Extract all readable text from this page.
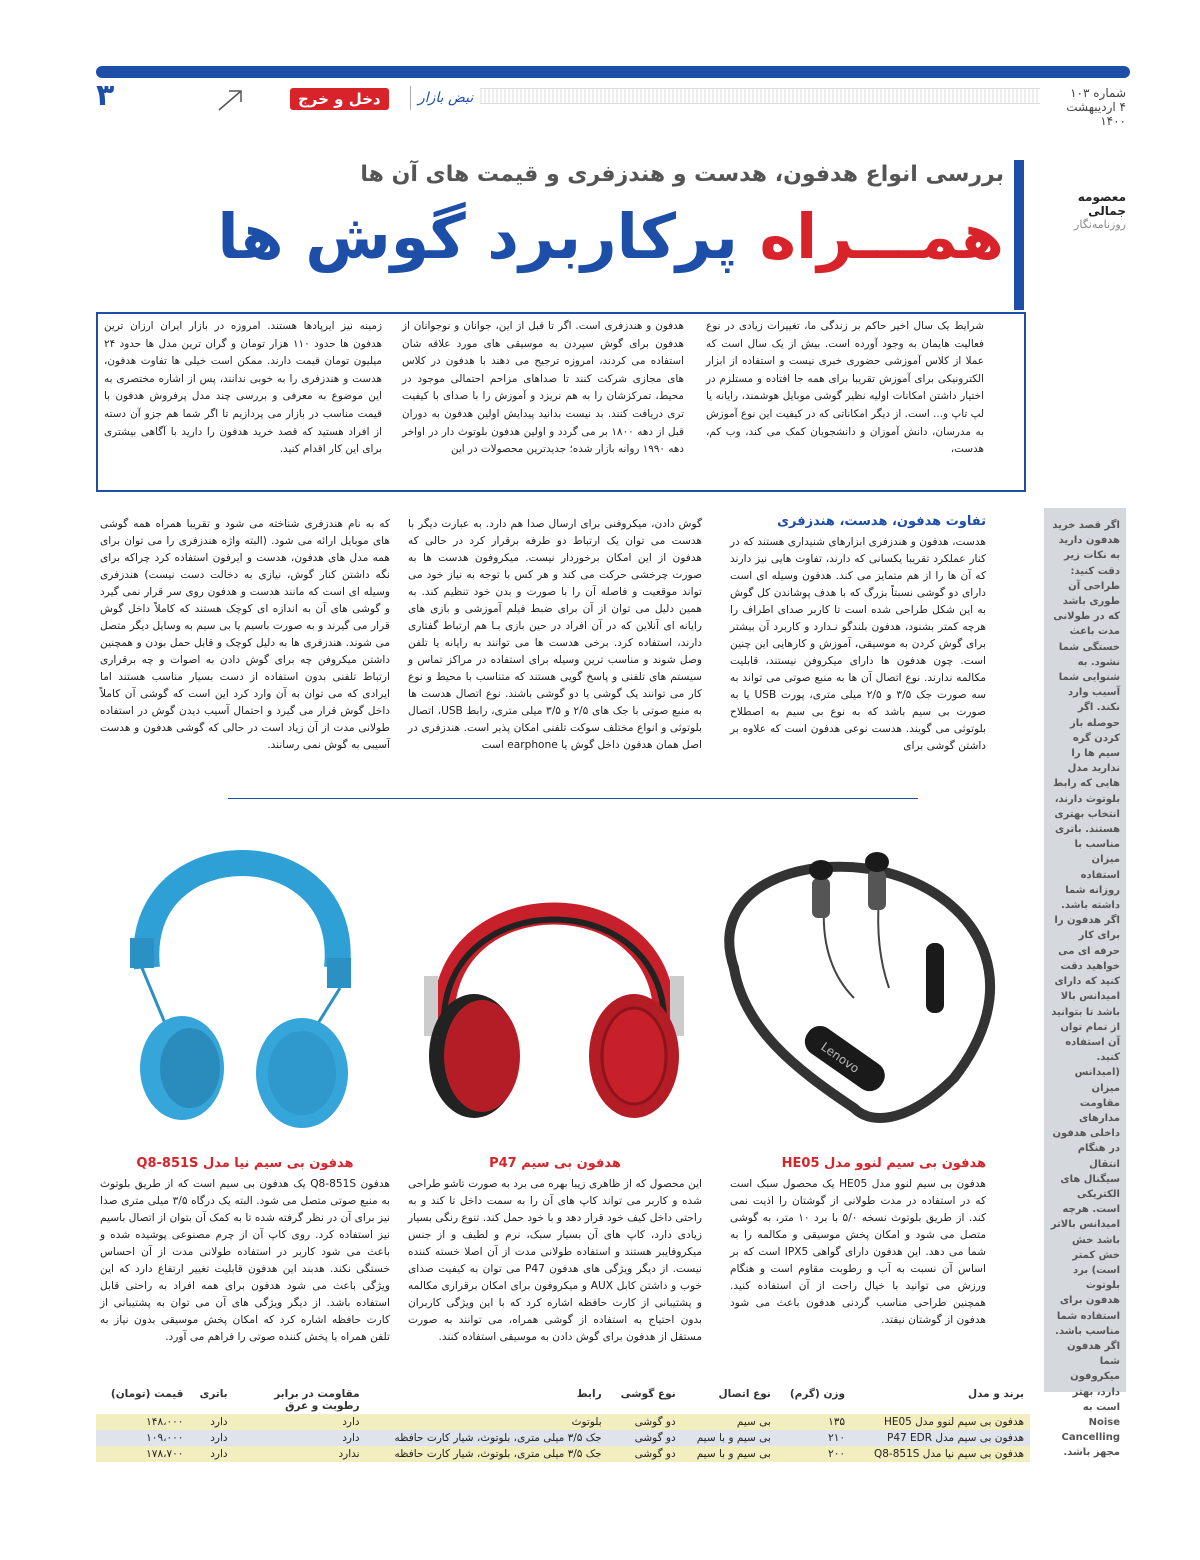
شماره ۱۰۳
۴ اردیبهشت ۱۴۰۰
نبض بازار
دخل و خرج
۳
معصومه
جمالی
روزنامه‌نگار
بررسی انواع هدفون، هدست و هندزفری و قیمت های آن ها
همـــراه پرکاربرد گوش ها
شرایط یک سال اخیر حاکم بر زندگی ما، تغییرات زیادی در نوع فعالیت هایمان به وجود آورده است. بیش از یک سال است که عملا از کلاس آموزشی حضوری خبری نیست و استفاده از ابزار الکترونیکی برای آموزش تقریبا برای همه جا افتاده و مستلزم در اختیار داشتن امکانات اولیه نظیر گوشی موبایل هوشمند، رایانه یا لپ تاپ و... است. از دیگر امکاناتی که در کیفیت این نوع آموزش به مدرسان، دانش آموزان و دانشجویان کمک می کند، وب کم، هدست،
هدفون و هندزفری است. اگر تا قبل از این، جوانان و نوجوانان از هدفون برای گوش سپردن به موسیقی های مورد علاقه شان استفاده می کردند، امروزه ترجیح می دهند با هدفون در کلاس های مجازی شرکت کنند تا صداهای مزاحم احتمالی موجود در محیط، تمرکزشان را به هم نریزد و آموزش را با صدای با کیفیت تری دریافت کنند. بد نیست بدانید پیدایش اولین هدفون به دوران قبل از دهه ۱۸۰۰ بر می گردد و اولین هدفون بلوتوث دار در اواخر دهه ۱۹۹۰ روانه بازار شده؛ جدیدترین محصولات در این
زمینه نیز ایرپادها هستند. امروزه در بازار ایران ارزان ترین هدفون ها حدود ۱۱۰ هزار تومان و گران ترین مدل ها حدود ۲۴ میلیون تومان قیمت دارند. ممکن است خیلی ها تفاوت هدفون، هدست و هندزفری را به خوبی ندانند، پس از اشاره مختصری به این موضوع به معرفی و بررسی چند مدل پرفروش هدفون با قیمت مناسب در بازار می پردازیم تا اگر شما هم جزو آن دسته از افراد هستید که قصد خرید هدفون را دارید با آگاهی بیشتری برای این کار اقدام کنید.
اگر قصد خرید هدفون دارید به نکات زیر دقت کنید: طراحی آن طوری باشد که در طولانی مدت باعث خستگی شما نشود. به شنوایی شما آسیب وارد نکند. اگر حوصله باز کردن گره سیم ها را ندارید مدل هایی که رابط بلوتوث دارند، انتخاب بهتری هستند. باتری مناسب با میزان استفاده روزانه شما داشته باشد. اگر هدفون را برای کار حرفه ای می خواهید دقت کنید که دارای امیدانس بالا باشد تا بتوانید از تمام توان آن استفاده کنید. (امیدانس میزان مقاومت مدارهای داخلی هدفون در هنگام انتقال سیگنال های الکتریکی است. هرچه امیدانس بالاتر باشد خش خش کمتر است) برد بلوتوث هدفون برای استفاده شما مناسب باشد. اگر هدفون شما میکروفون دارد، بهتر است به Noise Cancelling مجهز باشد.
تفاوت هدفون، هدست، هندزفری
هدست، هدفون و هندزفری ابزارهای شنیداری هستند که در کنار عملکرد تقریبا یکسانی که دارند، تفاوت هایی نیز دارند که آن ها را از هم متمایز می کند. هدفون وسیله ای است دارای دو گوشی نسبتاً بزرگ که با هدف پوشاندن کل گوش به این شکل طراحی شده است تا کاربر صدای اطراف را هرچه کمتر بشنود، هدفون بلندگو نـدارد و کاربرد آن بیشتر برای گوش کردن به موسیقی، آموزش و کارهایی این چنین است. چون هدفون ها دارای میکروفن نیستند، قابلیت مکالمه ندارند. نوع اتصال آن ها به منبع صوتی می تواند به سه صورت جک ۳/۵ و ۲/۵ میلی متری، پورت USB یا به صورت بی سیم باشد که به نوع بی سیم به اصطلاح بلوتوثی می گویند. هدست نوعی هدفون است که علاوه بر داشتن گوشی برای
گوش دادن، میکروفنی برای ارسال صدا هم دارد. به عبارت دیگر با هدست می توان یک ارتباط دو طرفه برقرار کرد در حالی که هدفون از این امکان برخوردار نیست. میکروفون هدست ها به صورت چرخشی حرکت می کند و هر کس با توجه به نیاز خود می تواند موقعیت و فاصله آن را با صورت و بدن خود تنظیم کند. به همین دلیل می توان از آن برای ضبط فیلم آموزشی و بازی های رایانه ای آنلاین که در آن افراد در حین بازی بـا هم ارتباط گفتاری دارند، استفاده کرد. برخی هدست ها می توانند به رایانه یا تلفن وصل شوند و مناسب ترین وسیله برای استفاده در مراکز تماس و سیستم های تلفنی و پاسخ گویی هستند که متناسب با محیط و نوع کار می توانند یک گوشی یا دو گوشی باشند. نوع اتصال هدست ها به منبع صوتی با جک های ۲/۵ و ۳/۵ میلی متری، رابط USB، اتصال بلوتوثی و انواع مختلف سوکت تلفنی امکان پذیر است. هندزفری در اصل همان هدفون داخل گوش یا earphone است
که به نام هندزفری شناخته می شود و تقریبا همراه همه گوشی های موبایل ارائه می شود. (البته واژه هندزفری را می توان برای همه مدل های هدفون، هدست و ایرفون استفاده کرد چراکه برای نگه داشتن کنار گوش، نیازی به دخالت دست نیست) هندزفری وسیله ای است که مانند هدست و هدفون روی سر قرار نمی گیرد و گوشی های آن به اندازه ای کوچک هستند که کاملاً داخل گوش قرار می گیرند و به صورت باسیم یا بی سیم به وسایل دیگر متصل می شوند. هندزفری ها به دلیل کوچک و قابل حمل بودن و همچنین داشتن میکروفن چه برای گوش دادن به اصوات و چه برقراری ارتباط تلفنی بدون استفاده از دست بسیار مناسب هستند اما ایرادی که می توان به آن وارد کرد این است که گوشی آن کاملاً داخل گوش قرار می گیرد و احتمال آسیب دیدن گوش در استفاده طولانی مدت از آن زیاد است در حالی که گوشی هدفون و هدست آسیبی به گوش نمی رسانند.
Lenovo
هدفون بی سیم لنوو مدل HE05
هدفون بی سیم لنوو مدل HE05 یک محصول سبک است که در استفاده در مدت طولانی از گوشتان را اذیت نمی کند. از طریق بلوتوث نسخه ۵/۰ با برد ۱۰ متر، به گوشی متصل می شود و امکان پخش موسیقی و مکالمه را به شما می دهد. این هدفون دارای گواهی IPX5 است که بر اساس آن نسبت به آب و رطوبت مقاوم است و هنگام ورزش می توانید با خیال راحت از آن استفاده کنید. همچنین طراحی مناسب گردنی هدفون باعث می شود هدفون از گوشتان نیفتد.
هدفون بی سیم P47
این محصول که از ظاهری زیبا بهره می برد به صورت تاشو طراحی شده و کاربر می تواند کاپ های آن را به سمت داخل تا کند و به راحتی داخل کیف خود قرار دهد و با خود حمل کند. تنوع رنگی بسیار زیادی دارد، کاپ های آن بسیار سبک، نرم و لطیف و از جنس میکروفایبر هستند و استفاده طولانی مدت از آن اصلا خسته کننده نیست. از دیگر ویژگی های هدفون P47 می توان به کیفیت صدای خوب و داشتن کابل AUX و میکروفون برای امکان برقراری مکالمه و پشتیبانی از کارت حافظه اشاره کرد که با این ویژگی کاربران بدون احتیاج به استفاده از گوشی همراه، می توانند به صورت مستقل از هدفون برای گوش دادن به موسیقی استفاده کنند.
هدفون بی سیم نیا مدل Q8-851S
هدفون Q8-851S یک هدفون بی سیم است که از طریق بلوتوث به منبع صوتی متصل می شود. البته یک درگاه ۳/۵ میلی متری صدا نیز برای آن در نظر گرفته شده تا به کمک آن بتوان از اتصال باسیم نیز استفاده کرد. روی کاپ آن از چرم مصنوعی پوشیده شده و باعث می شود کاربر در استفاده طولانی مدت از آن احساس خستگی نکند. هدبند این هدفون قابلیت تغییر ارتفاع دارد که این ویژگی باعث می شود هدفون برای همه افراد به راحتی قابل استفاده باشد. از دیگر ویژگی های آن می توان به پشتیبانی از کارت حافظه اشاره کرد که امکان پخش موسیقی بدون نیاز به تلفن همراه یا پخش کننده صوتی را فراهم می آورد.
برند و مدل	وزن (گرم)	نوع اتصال	نوع گوشی	رابط	مقاومت در برابر رطوبت و عرق	باتری	قیمت (تومان)
هدفون بی سیم لنوو مدل HE05	۱۳۵	بی سیم	دو گوشی	بلوتوث	دارد	دارد	۱۴۸،۰۰۰
هدفون بی سیم مدل P47 EDR	۲۱۰	بی سیم و با سیم	دو گوشی	جک ۳/۵ میلی متری، بلوتوث، شیار کارت حافظه	دارد	دارد	۱۰۹،۰۰۰
هدفون بی سیم نیا مدل Q8-851S	۲۰۰	بی سیم و با سیم	دو گوشی	جک ۳/۵ میلی متری، بلوتوث، شیار کارت حافظه	ندارد	دارد	۱۷۸،۷۰۰
